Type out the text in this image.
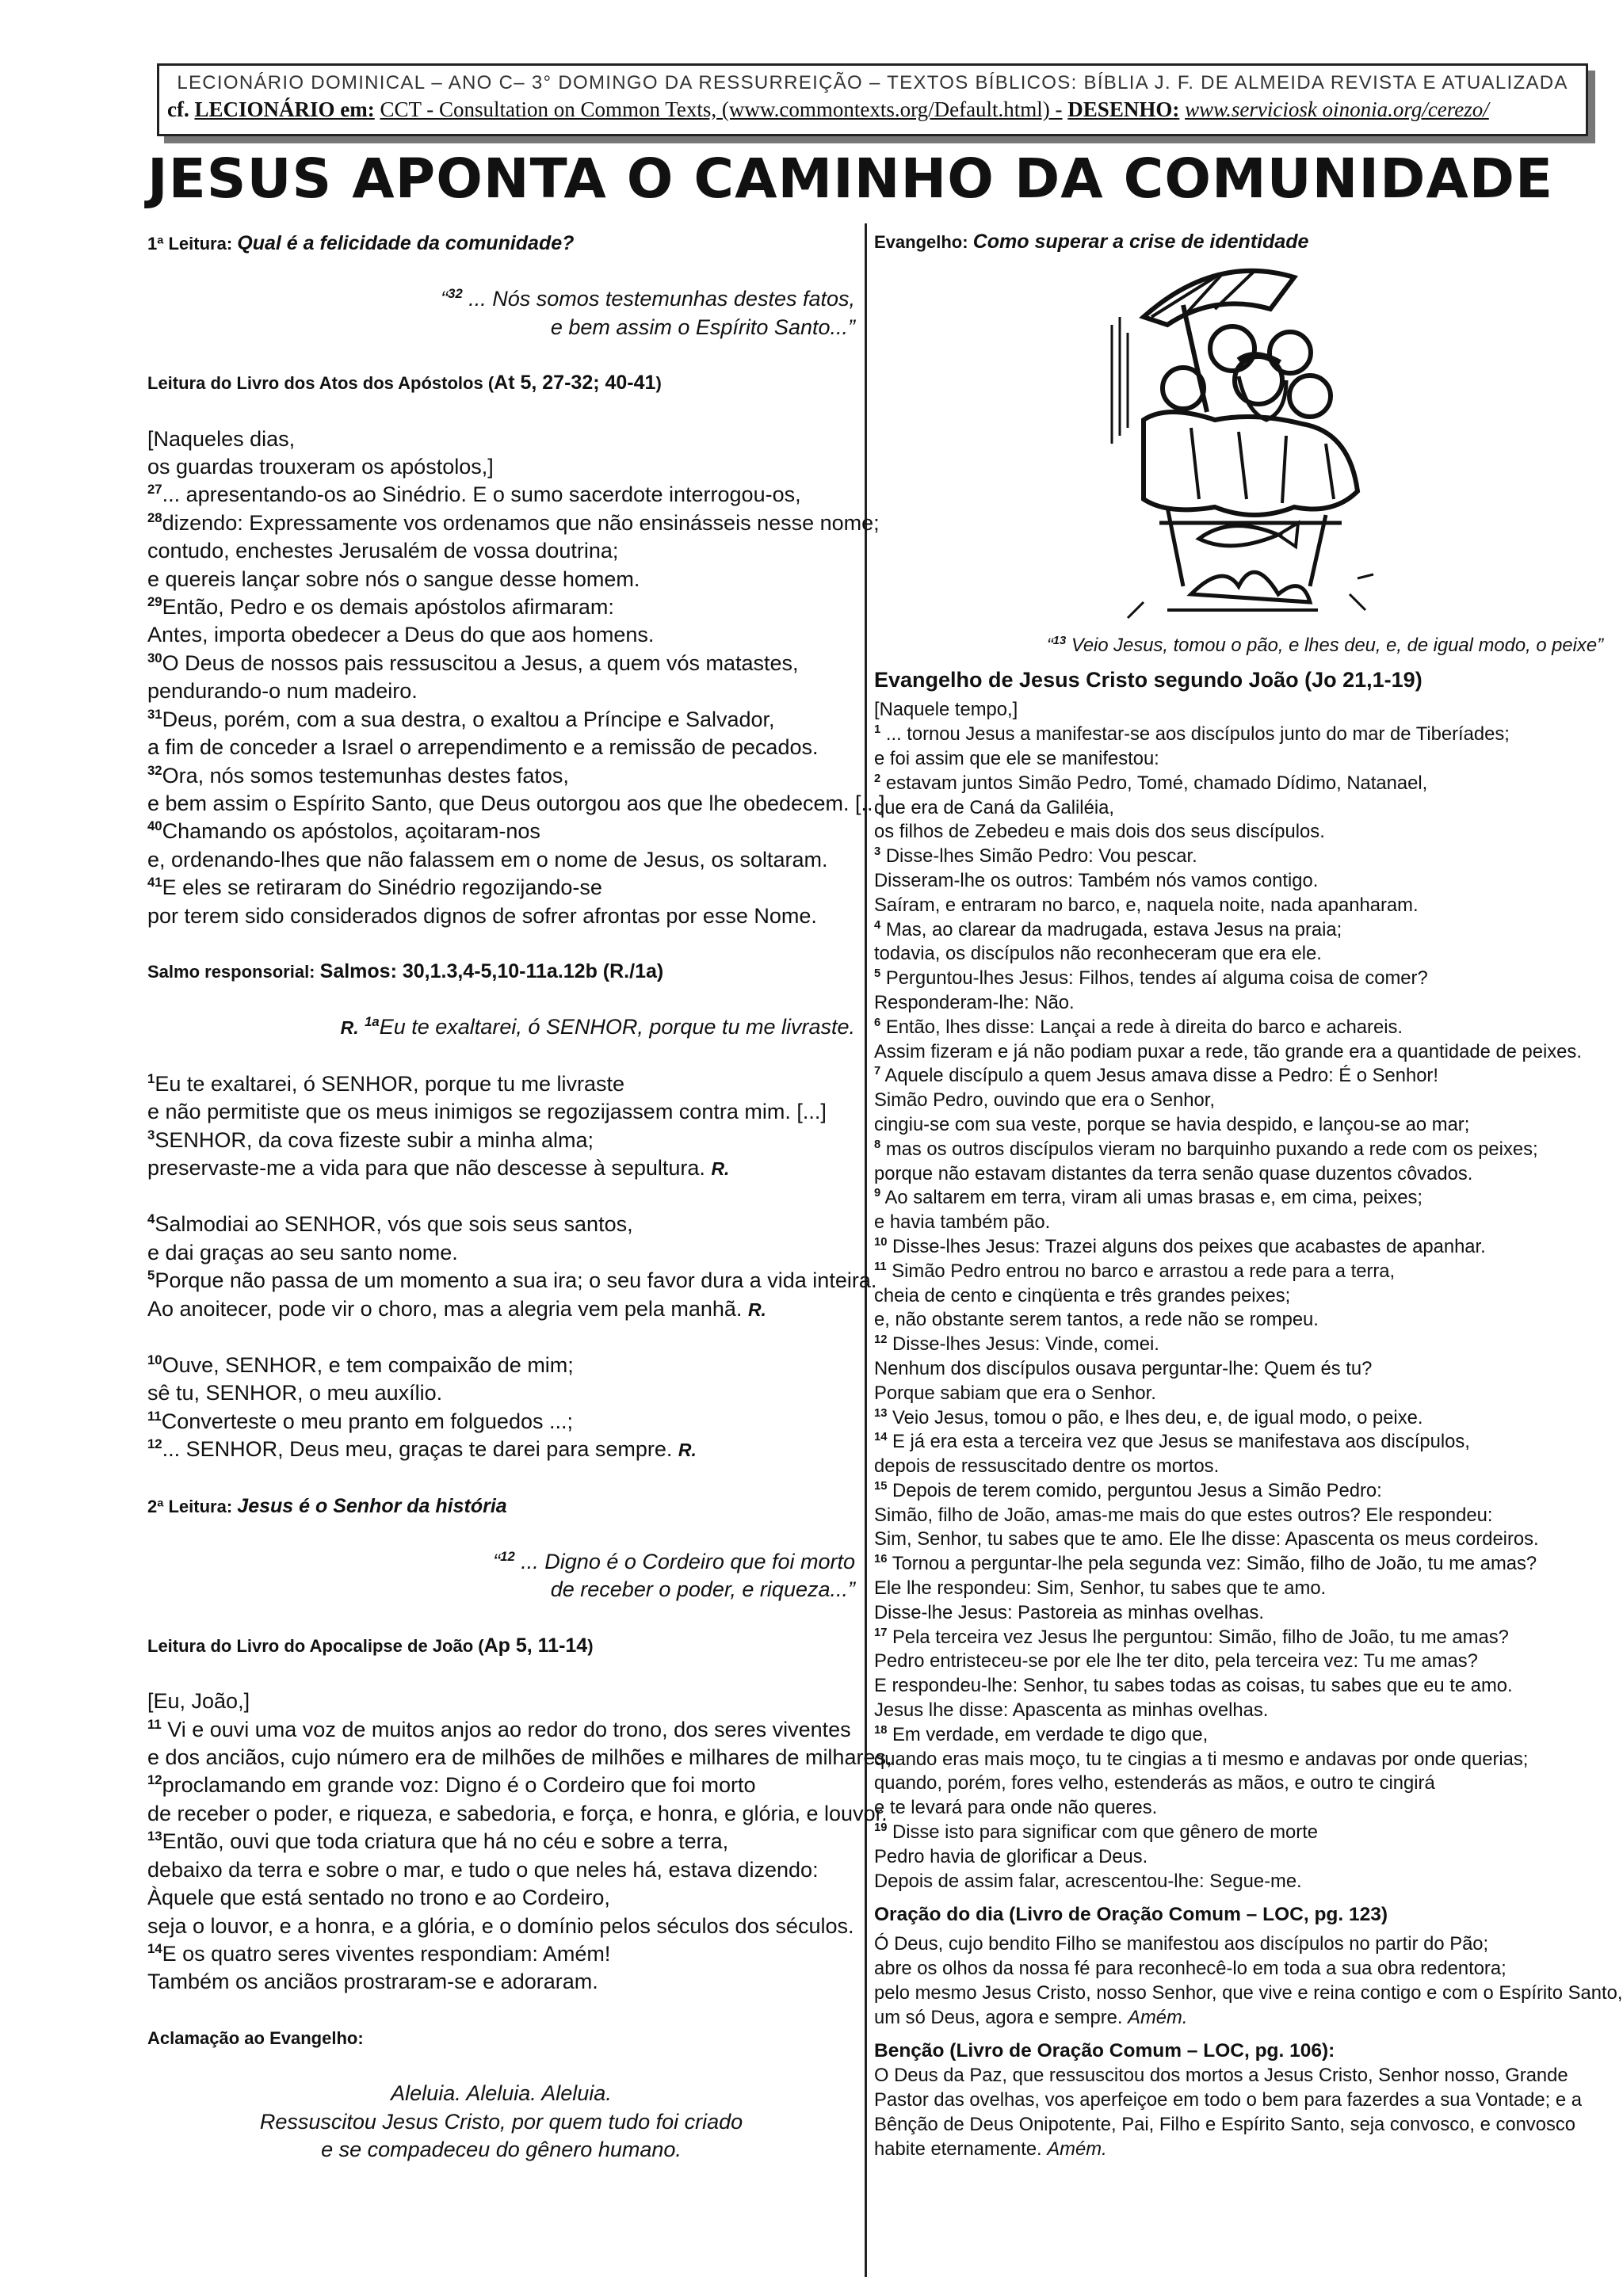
LECIONÁRIO DOMINICAL – ANO C– 3° DOMINGO DA RESSURREIÇÃO – TEXTOS BÍBLICOS: BÍBLIA J. F. DE ALMEIDA REVISTA E ATUALIZADA
cf. LECIONÁRIO em: CCT - Consultation on Common Texts, (www.commontexts.org/Default.html) - DESENHO: www.serviciosk oinonia.org/cerezo/
JESUS APONTA O CAMINHO DA COMUNIDADE
1ª Leitura: Qual é a felicidade da comunidade?
“$^{32}$ ... Nós somos testemunhas destes fatos,
e bem assim o Espírito Santo...”
Leitura do Livro dos Atos dos Apóstolos (At 5, 27-32; 40-41)
[Naqueles dias,
os guardas trouxeram os apóstolos,]
$^{27}$... apresentando-os ao Sinédrio. E o sumo sacerdote interrogou-os,
$^{28}$dizendo: Expressamente vos ordenamos que não ensinásseis nesse nome;
contudo, enchestes Jerusalém de vossa doutrina;
e quereis lançar sobre nós o sangue desse homem.
$^{29}$Então, Pedro e os demais apóstolos afirmaram:
Antes, importa obedecer a Deus do que aos homens.
$^{30}$O Deus de nossos pais ressuscitou a Jesus, a quem vós matastes,
pendurando-o num madeiro.
$^{31}$Deus, porém, com a sua destra, o exaltou a Príncipe e Salvador,
a fim de conceder a Israel o arrependimento e a remissão de pecados.
$^{32}$Ora, nós somos testemunhas destes fatos,
e bem assim o Espírito Santo, que Deus outorgou aos que lhe obedecem. [...]
$^{40}$Chamando os apóstolos, açoitaram-nos
e, ordenando-lhes que não falassem em o nome de Jesus, os soltaram.
$^{41}$E eles se retiraram do Sinédrio regozijando-se
por terem sido considerados dignos de sofrer afrontas por esse Nome.
Salmo responsorial: Salmos: 30,1.3,4-5,10-11a.12b (R./1a)
R. $^{1a}$Eu te exaltarei, ó SENHOR, porque tu me livraste.
$^1$Eu te exaltarei, ó SENHOR, porque tu me livraste
e não permitiste que os meus inimigos se regozijassem contra mim. [...]
$^3$SENHOR, da cova fizeste subir a minha alma;
preservaste-me a vida para que não descesse à sepultura. R.
$^4$Salmodiai ao SENHOR, vós que sois seus santos,
e dai graças ao seu santo nome.
$^5$Porque não passa de um momento a sua ira; o seu favor dura a vida inteira.
Ao anoitecer, pode vir o choro, mas a alegria vem pela manhã. R.
$^{10}$Ouve, SENHOR, e tem compaixão de mim;
sê tu, SENHOR, o meu auxílio.
$^{11}$Converteste o meu pranto em folguedos ...;
$^{12}$... SENHOR, Deus meu, graças te darei para sempre. R.
2ª Leitura: Jesus é o Senhor da história
“$^{12}$ ... Digno é o Cordeiro que foi morto
de receber o poder, e riqueza...”
Leitura do Livro do Apocalipse de João (Ap 5, 11-14)
[Eu, João,]
$^{11}$ Vi e ouvi uma voz de muitos anjos ao redor do trono, dos seres viventes
e dos anciãos, cujo número era de milhões de milhões e milhares de milhares,
$^{12}$proclamando em grande voz: Digno é o Cordeiro que foi morto
de receber o poder, e riqueza, e sabedoria, e força, e honra, e glória, e louvor.
$^{13}$Então, ouvi que toda criatura que há no céu e sobre a terra,
debaixo da terra e sobre o mar, e tudo o que neles há, estava dizendo:
Àquele que está sentado no trono e ao Cordeiro,
seja o louvor, e a honra, e a glória, e o domínio pelos séculos dos séculos.
$^{14}$E os quatro seres viventes respondiam: Amém!
Também os anciãos prostraram-se e adoraram.
Aclamação ao Evangelho:
Aleluia. Aleluia. Aleluia.
Ressuscitou Jesus Cristo, por quem tudo foi criado
e se compadeceu do gênero humano.
Evangelho: Como superar a crise de identidade
“$^{13}$ Veio Jesus, tomou o pão, e lhes deu, e, de igual modo, o peixe”
Evangelho de Jesus Cristo segundo João (Jo 21,1-19)
[Naquele tempo,]
$^1$ ... tornou Jesus a manifestar-se aos discípulos junto do mar de Tiberíades;
e foi assim que ele se manifestou:
$^2$ estavam juntos Simão Pedro, Tomé, chamado Dídimo, Natanael,
que era de Caná da Galiléia,
os filhos de Zebedeu e mais dois dos seus discípulos.
$^3$ Disse-lhes Simão Pedro: Vou pescar.
Disseram-lhe os outros: Também nós vamos contigo.
Saíram, e entraram no barco, e, naquela noite, nada apanharam.
$^4$ Mas, ao clarear da madrugada, estava Jesus na praia;
todavia, os discípulos não reconheceram que era ele.
$^5$ Perguntou-lhes Jesus: Filhos, tendes aí alguma coisa de comer?
Responderam-lhe: Não.
$^6$ Então, lhes disse: Lançai a rede à direita do barco e achareis.
Assim fizeram e já não podiam puxar a rede, tão grande era a quantidade de peixes.
$^7$ Aquele discípulo a quem Jesus amava disse a Pedro: É o Senhor!
Simão Pedro, ouvindo que era o Senhor,
cingiu-se com sua veste, porque se havia despido, e lançou-se ao mar;
$^8$ mas os outros discípulos vieram no barquinho puxando a rede com os peixes;
porque não estavam distantes da terra senão quase duzentos côvados.
$^9$ Ao saltarem em terra, viram ali umas brasas e, em cima, peixes;
e havia também pão.
$^{10}$ Disse-lhes Jesus: Trazei alguns dos peixes que acabastes de apanhar.
$^{11}$ Simão Pedro entrou no barco e arrastou a rede para a terra,
cheia de cento e cinqüenta e três grandes peixes;
e, não obstante serem tantos, a rede não se rompeu.
$^{12}$ Disse-lhes Jesus: Vinde, comei.
Nenhum dos discípulos ousava perguntar-lhe: Quem és tu?
Porque sabiam que era o Senhor.
$^{13}$ Veio Jesus, tomou o pão, e lhes deu, e, de igual modo, o peixe.
$^{14}$ E já era esta a terceira vez que Jesus se manifestava aos discípulos,
depois de ressuscitado dentre os mortos.
$^{15}$ Depois de terem comido, perguntou Jesus a Simão Pedro:
Simão, filho de João, amas-me mais do que estes outros? Ele respondeu:
Sim, Senhor, tu sabes que te amo. Ele lhe disse: Apascenta os meus cordeiros.
$^{16}$ Tornou a perguntar-lhe pela segunda vez: Simão, filho de João, tu me amas?
Ele lhe respondeu: Sim, Senhor, tu sabes que te amo.
Disse-lhe Jesus: Pastoreia as minhas ovelhas.
$^{17}$ Pela terceira vez Jesus lhe perguntou: Simão, filho de João, tu me amas?
Pedro entristeceu-se por ele lhe ter dito, pela terceira vez: Tu me amas?
E respondeu-lhe: Senhor, tu sabes todas as coisas, tu sabes que eu te amo.
Jesus lhe disse: Apascenta as minhas ovelhas.
$^{18}$ Em verdade, em verdade te digo que,
quando eras mais moço, tu te cingias a ti mesmo e andavas por onde querias;
quando, porém, fores velho, estenderás as mãos, e outro te cingirá
e te levará para onde não queres.
$^{19}$ Disse isto para significar com que gênero de morte
Pedro havia de glorificar a Deus.
Depois de assim falar, acrescentou-lhe: Segue-me.
Oração do dia (Livro de Oração Comum – LOC, pg. 123)
Ó Deus, cujo bendito Filho se manifestou aos discípulos no partir do Pão;
abre os olhos da nossa fé para reconhecê-lo em toda a sua obra redentora;
pelo mesmo Jesus Cristo, nosso Senhor, que vive e reina contigo e com o Espírito Santo,
um só Deus, agora e sempre. Amém.
Benção (Livro de Oração Comum – LOC, pg. 106):
O Deus da Paz, que ressuscitou dos mortos a Jesus Cristo, Senhor nosso, Grande
Pastor das ovelhas, vos aperfeiçoe em todo o bem para fazerdes a sua Vontade; e a
Bênção de Deus Onipotente, Pai, Filho e Espírito Santo, seja convosco, e convosco
habite eternamente. Amém.
